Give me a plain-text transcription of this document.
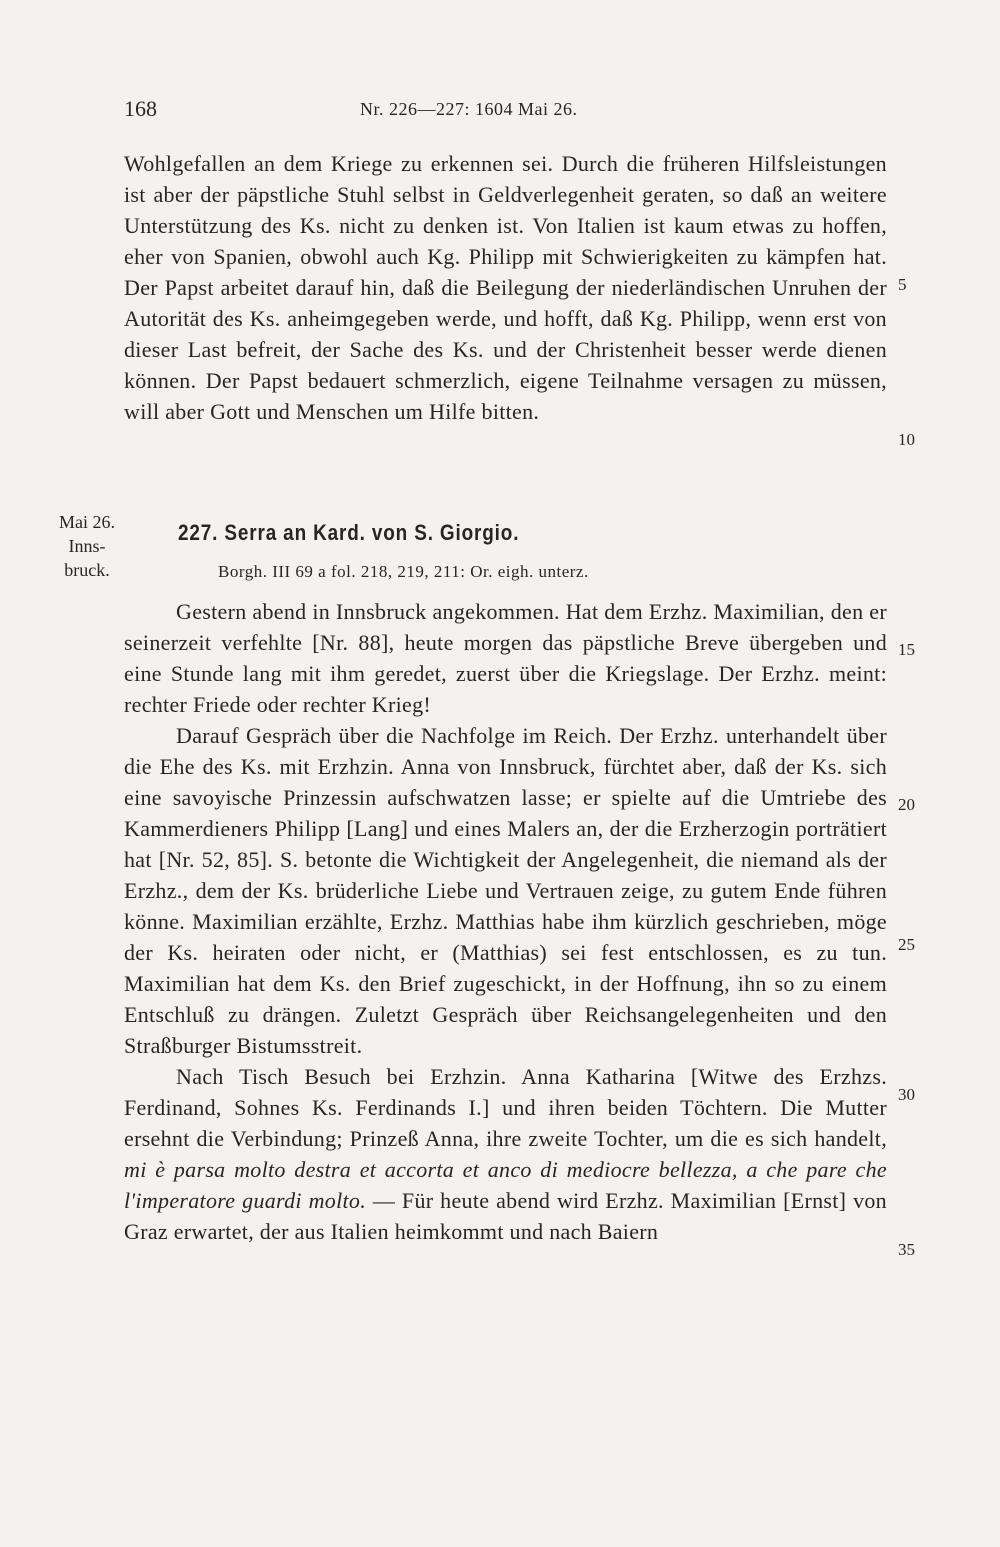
168	Nr. 226—227: 1604 Mai 26.

Wohlgefallen an dem Kriege zu erkennen sei. Durch die früheren Hilfsleistungen ist aber der päpstliche Stuhl selbst in Geldverlegenheit geraten, so daß an weitere Unterstützung des Ks. nicht zu denken ist. Von Italien ist kaum etwas zu hoffen, eher von Spanien, obwohl auch Kg. Philipp mit Schwierigkeiten zu kämpfen hat. Der Papst arbeitet darauf hin, daß die Beilegung der niederländischen Unruhen der Autorität des Ks. anheimgegeben werde, und hofft, daß Kg. Philipp, wenn erst von dieser Last befreit, der Sache des Ks. und der Christenheit besser werde dienen können. Der Papst bedauert schmerzlich, eigene Teilnahme versagen zu müssen, will aber Gott und Menschen um Hilfe bitten.

Mai 26.
Inns-
bruck.
227. Serra an Kard. von S. Giorgio.
Borgh. III 69 a fol. 218, 219, 211: Or. eigh. unterz.

Gestern abend in Innsbruck angekommen. Hat dem Erzhz. Maximilian, den er seinerzeit verfehlte [Nr. 88], heute morgen das päpstliche Breve übergeben und eine Stunde lang mit ihm geredet, zuerst über die Kriegslage. Der Erzhz. meint: rechter Friede oder rechter Krieg!

Darauf Gespräch über die Nachfolge im Reich. Der Erzhz. unterhandelt über die Ehe des Ks. mit Erzhzin. Anna von Innsbruck, fürchtet aber, daß der Ks. sich eine savoyische Prinzessin aufschwatzen lasse; er spielte auf die Umtriebe des Kammerdieners Philipp [Lang] und eines Malers an, der die Erzherzogin porträtiert hat [Nr. 52, 85]. S. betonte die Wichtigkeit der Angelegenheit, die niemand als der Erzhz., dem der Ks. brüderliche Liebe und Vertrauen zeige, zu gutem Ende führen könne. Maximilian erzählte, Erzhz. Matthias habe ihm kürzlich geschrieben, möge der Ks. heiraten oder nicht, er (Matthias) sei fest entschlossen, es zu tun. Maximilian hat dem Ks. den Brief zugeschickt, in der Hoffnung, ihn so zu einem Entschluß zu drängen. Zuletzt Gespräch über Reichsangelegenheiten und den Straßburger Bistumsstreit.

Nach Tisch Besuch bei Erzhzin. Anna Katharina [Witwe des Erzhzs. Ferdinand, Sohnes Ks. Ferdinands I.] und ihren beiden Töchtern. Die Mutter ersehnt die Verbindung; Prinzeß Anna, ihre zweite Tochter, um die es sich handelt, mi è parsa molto destra et accorta et anco di mediocre bellezza, a che pare che l'imperatore guardi molto. — Für heute abend wird Erzhz. Maximilian [Ernst] von Graz erwartet, der aus Italien heimkommt und nach Baiern

5
10
15
20
25
30
35
